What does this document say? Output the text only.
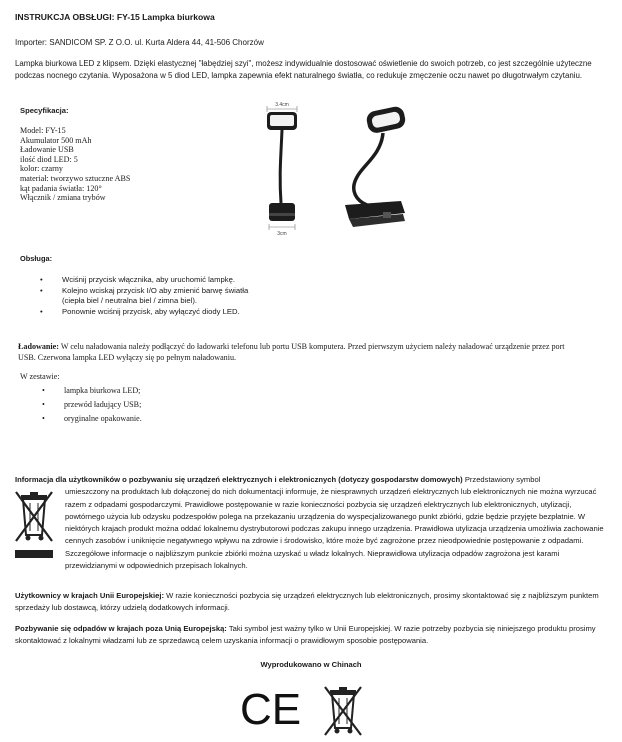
INSTRUKCJA OBSŁUGI: FY-15 Lampka biurkowa
Importer: SANDICOM SP. Z O.O. ul. Kurta Aldera 44, 41-506 Chorzów
Lampka biurkowa LED z klipsem. Dzięki elastycznej "łabędziej szyi", możesz indywidualnie dostosować oświetlenie do swoich potrzeb, co jest szczególnie użyteczne podczas nocnego czytania. Wyposażona w 5 diod LED, lampka zapewnia efekt naturalnego światła, co redukuje zmęczenie oczu nawet po długotrwałym czytaniu.
Specyfikacja:
Model: FY-15
Akumulator 500 mAh
Ładowanie USB
ilość diod LED: 5
kolor: czarny
materiał: tworzywo sztuczne ABS
kąt padania światła: 120°
Włącznik / zmiana trybów
3.4cm
3cm
Obsługa:
• Wciśnij przycisk włącznika, aby uruchomić lampkę.
• Kolejno wciskaj przycisk I/O aby zmienić barwę światła (ciepła biel / neutralna biel / zimna biel).
• Ponownie wciśnij przycisk, aby wyłączyć diody LED.
Ładowanie: W celu naładowania należy podłączyć do ładowarki telefonu lub portu USB komputera. Przed pierwszym użyciem należy naładować urządzenie przez port USB. Czerwona lampka LED wyłączy się po pełnym naładowaniu.
W zestawie:
• lampka biurkowa LED;
• przewód ładujący USB;
• oryginalne opakowanie.
Informacja dla użytkowników o pozbywaniu się urządzeń elektrycznych i elektronicznych (dotyczy gospodarstw domowych) Przedstawiony symbol
umieszczony na produktach lub dołączonej do nich dokumentacji informuje, że niesprawnych urządzeń elektrycznych lub elektronicznych nie można wyrzucać razem z odpadami gospodarczymi. Prawidłowe postępowanie w razie konieczności pozbycia się urządzeń elektrycznych lub elektronicznych, utylizacji, powtórnego użycia lub odzysku podzespołów polega na przekazaniu urządzenia do wyspecjalizowanego punkt zbiórki, gdzie będzie przyjęte bezpłatnie. W niektórych krajach produkt można oddać lokalnemu dystrybutorowi podczas zakupu innego urządzenia. Prawidłowa utylizacja urządzenia umożliwia zachowanie cennych zasobów i uniknięcie negatywnego wpływu na zdrowie i środowisko, które może być zagrożone przez nieodpowiednie postępowanie z odpadami. Szczegółowe informacje o najbliższym punkcie zbiórki można uzyskać u władz lokalnych. Nieprawidłowa utylizacja odpadów zagrożona jest karami przewidzianymi w odpowiednich przepisach lokalnych.
Użytkownicy w krajach Unii Europejskiej: W razie konieczności pozbycia się urządzeń elektrycznych lub elektronicznych, prosimy skontaktować się z najbliższym punktem sprzedaży lub dostawcą, którzy udzielą dodatkowych informacji.
Pozbywanie się odpadów w krajach poza Unią Europejską: Taki symbol jest ważny tylko w Unii Europejskiej. W razie potrzeby pozbycia się niniejszego produktu prosimy skontaktować z lokalnymi władzami lub ze sprzedawcą celem uzyskania informacji o prawidłowym sposobie postępowania.
Wyprodukowano w Chinach
CE
